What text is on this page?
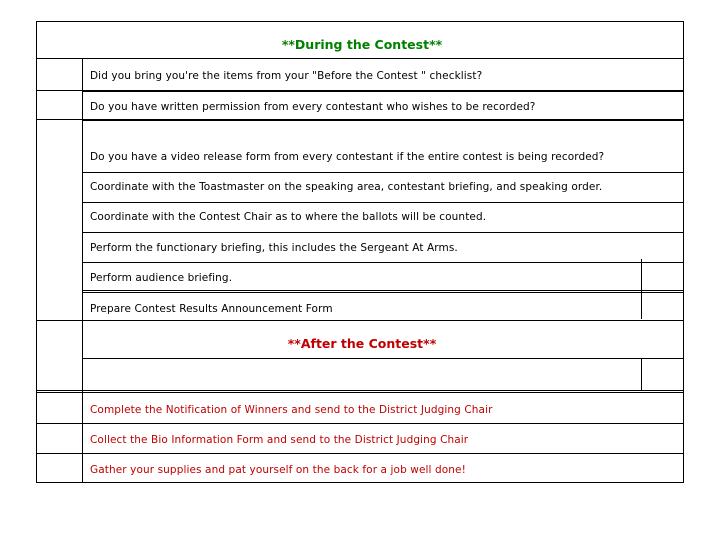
**During the Contest**
**After the Contest**
Did you bring you're the items from your "Before the Contest " checklist?
Do you have written permission from every contestant who wishes to be recorded?
Do you have a video release form from every contestant if the entire contest is being recorded?
Coordinate with the Toastmaster on the speaking area, contestant briefing, and speaking order.
Coordinate with the Contest Chair as to where the ballots will be counted.
Perform the functionary briefing, this includes the Sergeant At Arms.
Perform audience briefing.
Prepare Contest Results Announcement Form
Complete the Notification of Winners and send to the District Judging Chair
Collect the Bio Information Form and send to the District Judging Chair
Gather your supplies and pat yourself on the back for a job well done!
